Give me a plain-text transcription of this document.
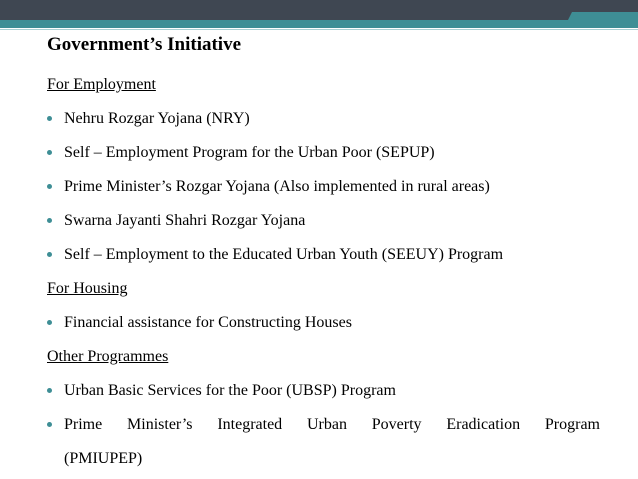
Government’s Initiative
For Employment
Nehru Rozgar Yojana (NRY)
Self – Employment Program for the Urban Poor (SEPUP)
Prime Minister’s Rozgar Yojana (Also implemented in rural areas)
Swarna Jayanti Shahri Rozgar Yojana
Self – Employment to the Educated Urban Youth (SEEUY) Program
For Housing
Financial assistance for Constructing Houses
Other Programmes
Urban Basic Services for the Poor (UBSP) Program
Prime Minister’s Integrated Urban Poverty Eradication Program
(PMIUPEP)
